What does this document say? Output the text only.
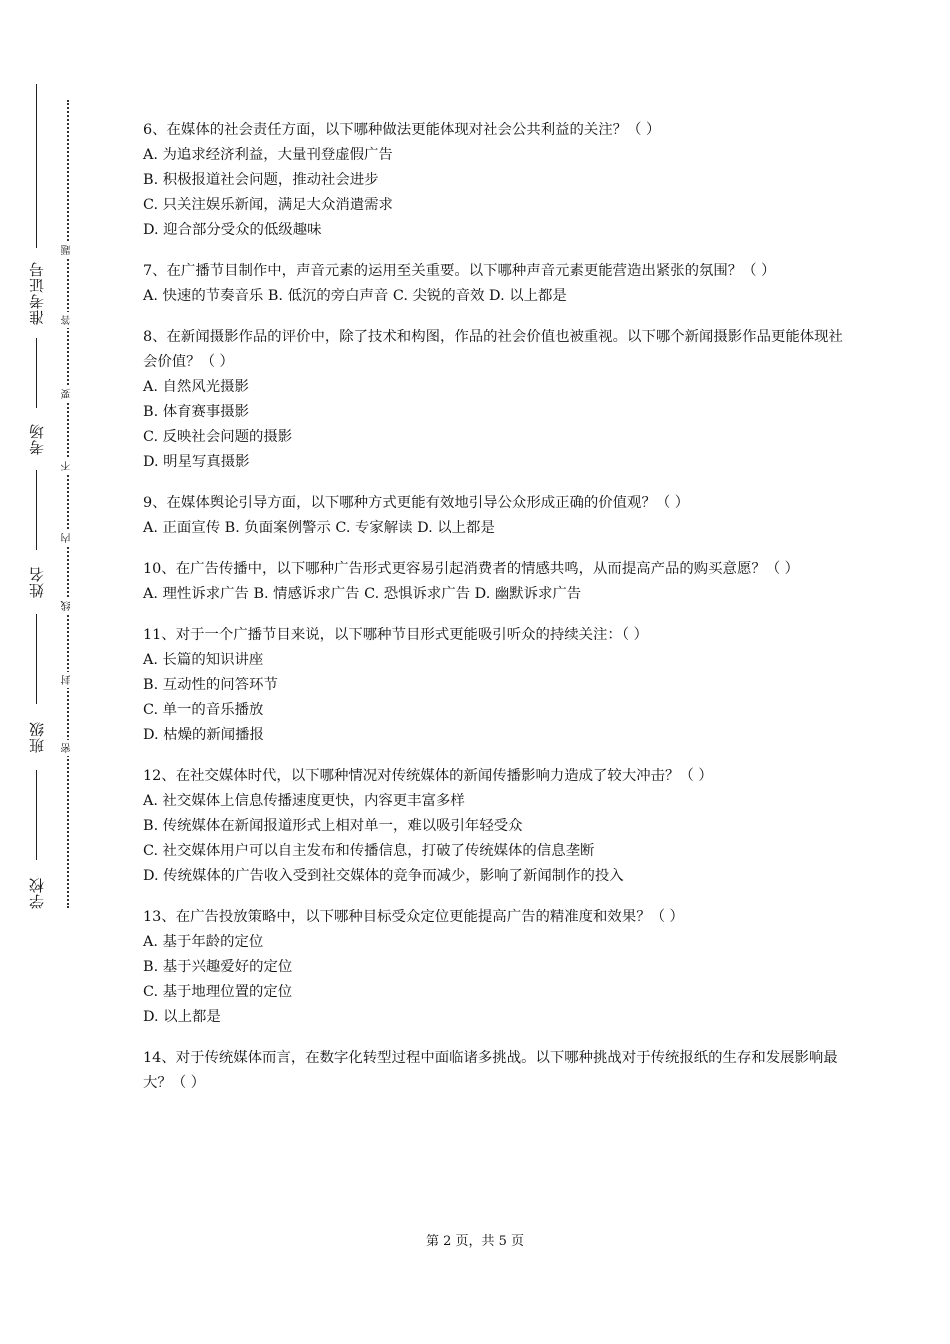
学校
班级
姓名
考场
准考证号
密
封
线
内
不
要
答
题
6、在媒体的社会责任方面，以下哪种做法更能体现对社会公共利益的关注？（ ）
A. 为追求经济利益，大量刊登虚假广告
B. 积极报道社会问题，推动社会进步
C. 只关注娱乐新闻，满足大众消遣需求
D. 迎合部分受众的低级趣味
7、在广播节目制作中，声音元素的运用至关重要。以下哪种声音元素更能营造出紧张的氛围？（ ）
A. 快速的节奏音乐 B. 低沉的旁白声音 C. 尖锐的音效 D. 以上都是
8、在新闻摄影作品的评价中，除了技术和构图，作品的社会价值也被重视。以下哪个新闻摄影作品更能体现社会价值？（ ）
A. 自然风光摄影
B. 体育赛事摄影
C. 反映社会问题的摄影
D. 明星写真摄影
9、在媒体舆论引导方面，以下哪种方式更能有效地引导公众形成正确的价值观？（ ）
A. 正面宣传 B. 负面案例警示 C. 专家解读 D. 以上都是
10、在广告传播中，以下哪种广告形式更容易引起消费者的情感共鸣，从而提高产品的购买意愿？（ ）
A. 理性诉求广告 B. 情感诉求广告 C. 恐惧诉求广告 D. 幽默诉求广告
11、对于一个广播节目来说，以下哪种节目形式更能吸引听众的持续关注：（ ）
A. 长篇的知识讲座
B. 互动性的问答环节
C. 单一的音乐播放
D. 枯燥的新闻播报
12、在社交媒体时代，以下哪种情况对传统媒体的新闻传播影响力造成了较大冲击？（ ）
A. 社交媒体上信息传播速度更快，内容更丰富多样
B. 传统媒体在新闻报道形式上相对单一，难以吸引年轻受众
C. 社交媒体用户可以自主发布和传播信息，打破了传统媒体的信息垄断
D. 传统媒体的广告收入受到社交媒体的竞争而减少，影响了新闻制作的投入
13、在广告投放策略中，以下哪种目标受众定位更能提高广告的精准度和效果？（ ）
A. 基于年龄的定位
B. 基于兴趣爱好的定位
C. 基于地理位置的定位
D. 以上都是
14、对于传统媒体而言，在数字化转型过程中面临诸多挑战。以下哪种挑战对于传统报纸的生存和发展影响最大？（ ）
第 2 页，共 5 页
